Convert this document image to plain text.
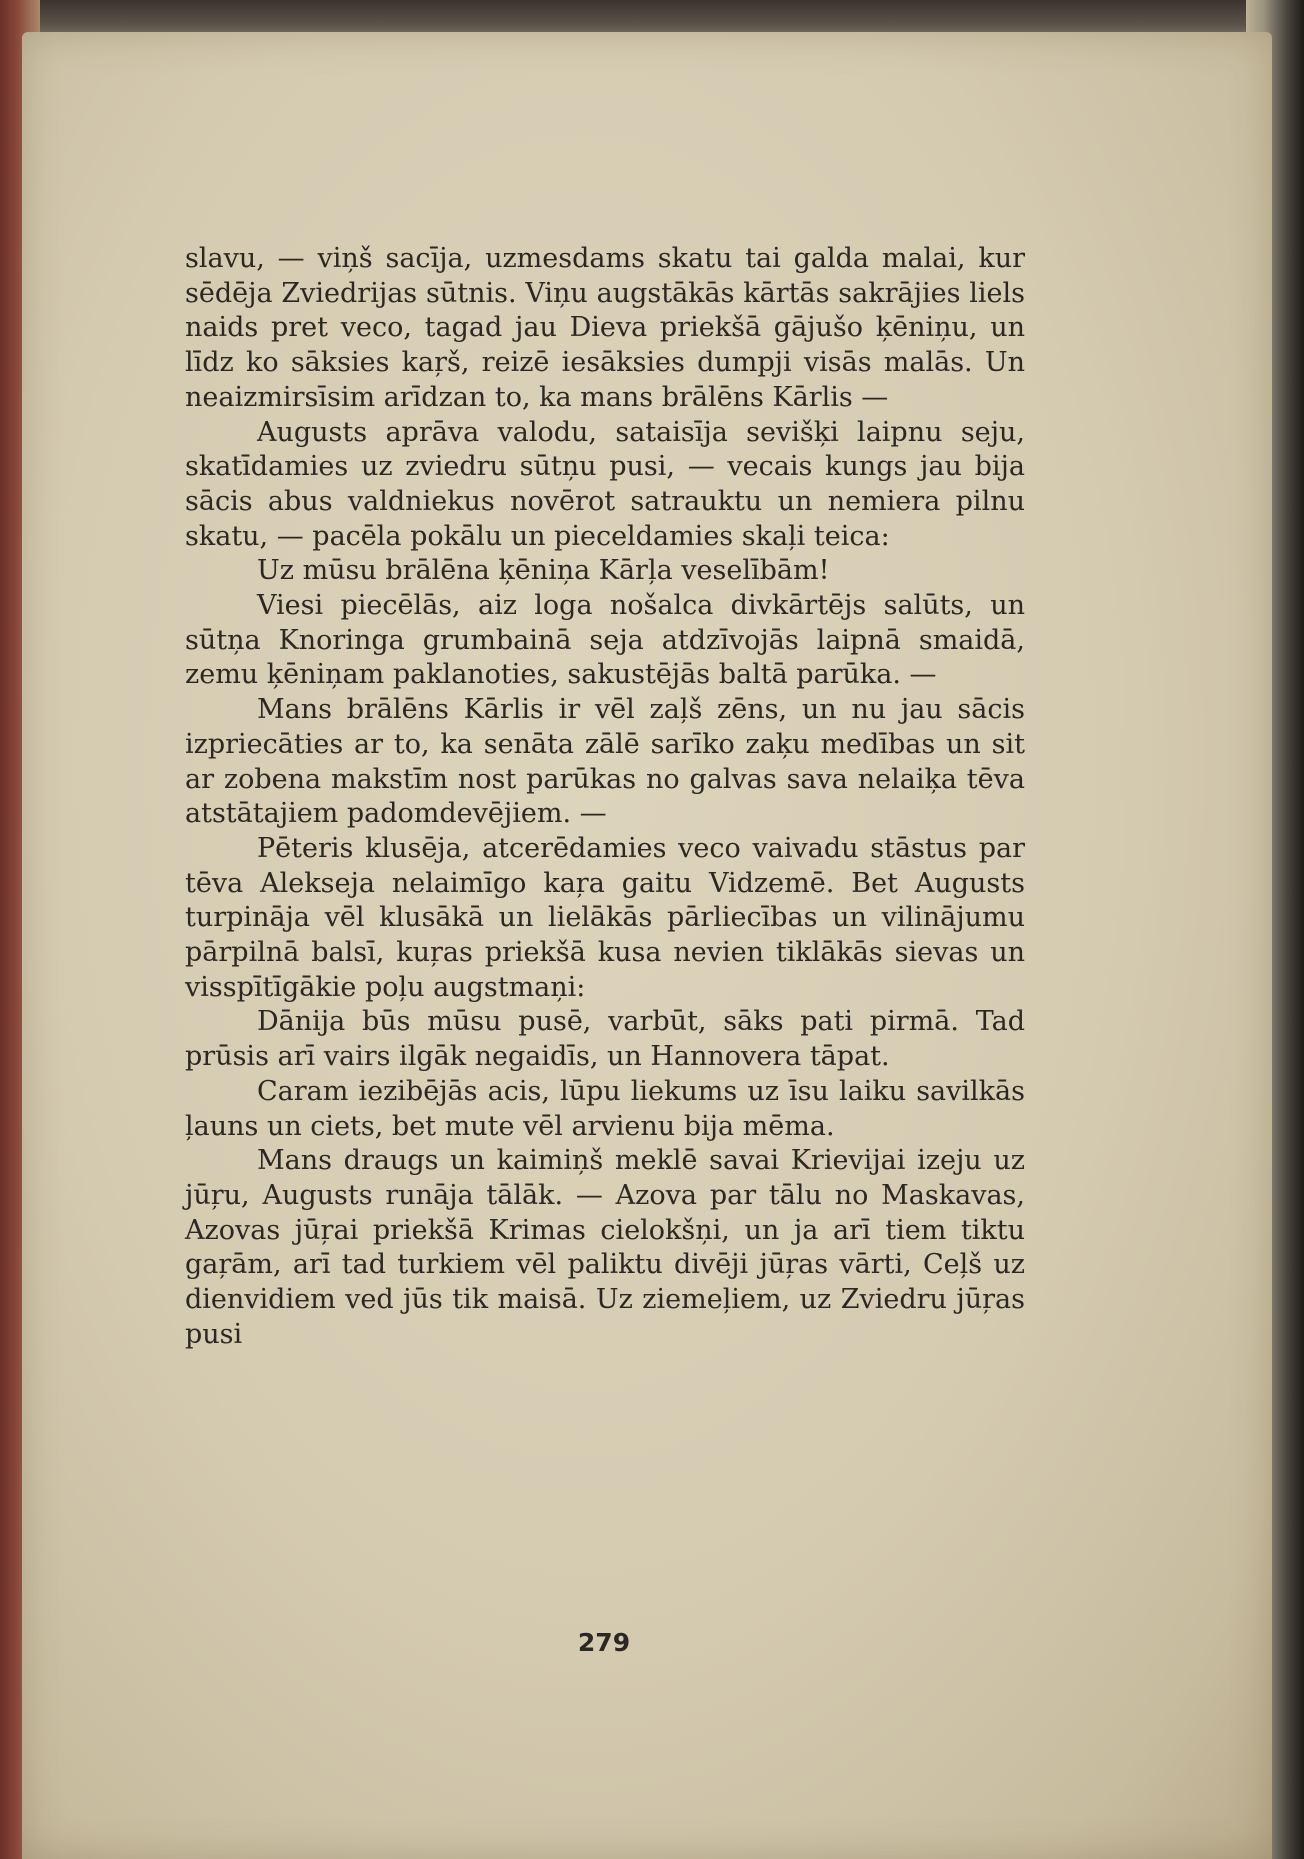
slavu, — viņš sacīja, uzmesdams skatu tai galda malai, kur sēdēja Zviedrijas sūtnis. Viņu augstākās kārtās sakrājies liels naids pret veco, tagad jau Dieva priekšā gājušo ķēniņu, un līdz ko sāksies kaŗš, reizē iesāksies dumpji visās malās. Un neaizmirsīsim arīdzan to, ka mans brālēns Kārlis —

Augusts aprāva valodu, sataisīja sevišķi laipnu seju, skatīdamies uz zviedru sūtņu pusi, — vecais kungs jau bija sācis abus valdniekus novērot satrauktu un nemiera pilnu skatu, — pacēla pokālu un pieceldamies skaļi teica:

Uz mūsu brālēna ķēniņa Kārļa veselībām!

Viesi piecēlās, aiz loga nošalca divkārtējs salūts, un sūtņa Knoringa grumbainā seja atdzīvojās laipnā smaidā, zemu ķēniņam paklanoties, sakustējās baltā parūka. —

Mans brālēns Kārlis ir vēl zaļš zēns, un nu jau sācis izpriecāties ar to, ka senāta zālē sarīko zaķu medības un sit ar zobena makstīm nost parūkas no galvas sava nelaiķa tēva atstātajiem padomdevējiem. —

Pēteris klusēja, atcerēdamies veco vaivadu stāstus par tēva Alekseja nelaimīgo kaŗa gaitu Vidzemē. Bet Augusts turpināja vēl klusākā un lielākās pārliecības un vilinājumu pārpilnā balsī, kuŗas priekšā kusa nevien tiklākās sievas un visspītīgākie poļu augstmaņi:

Dānija būs mūsu pusē, varbūt, sāks pati pirmā. Tad prūsis arī vairs ilgāk negaidīs, un Hannovera tāpat.

Caram iezibējās acis, lūpu liekums uz īsu laiku savilkās ļauns un ciets, bet mute vēl arvienu bija mēma.

Mans draugs un kaimiņš meklē savai Krievijai izeju uz jūŗu, Augusts runāja tālāk. — Azova par tālu no Maskavas, Azovas jūŗai priekšā Krimas cielokšņi, un ja arī tiem tiktu gaŗām, arī tad turkiem vēl paliktu divēji jūŗas vārti, Ceļš uz dienvidiem ved jūs tik maisā. Uz ziemeļiem, uz Zviedru jūŗas pusi

279
